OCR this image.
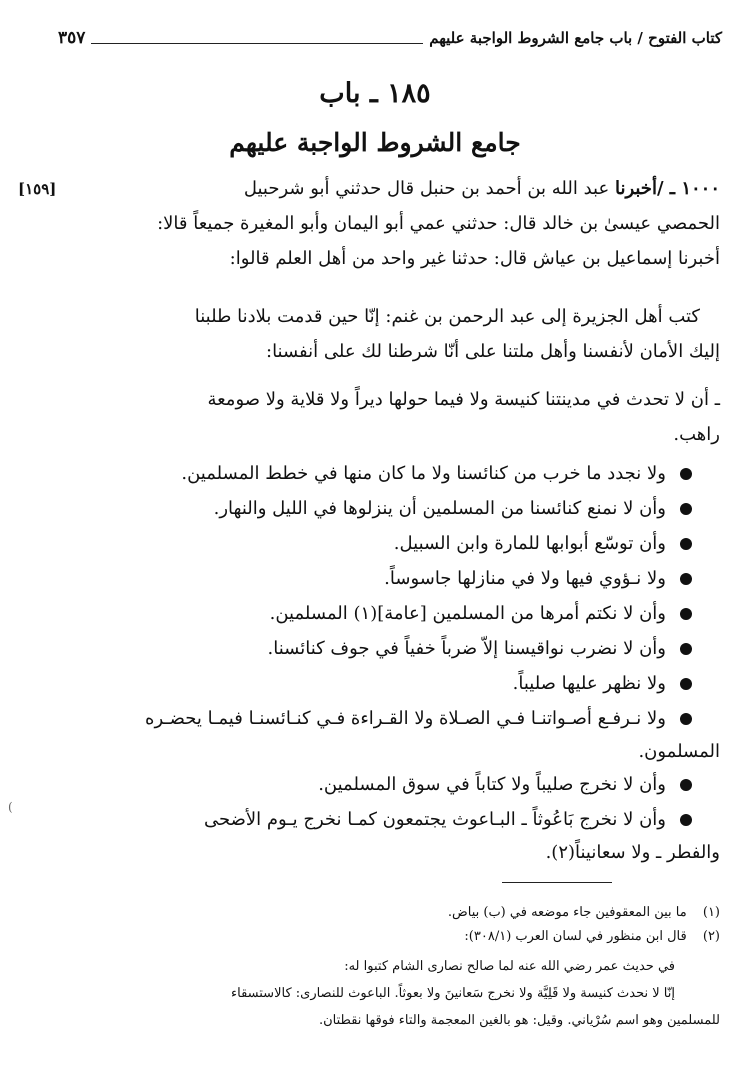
كتاب الفتوح / باب جامع الشروط الواجبة عليهم
٣٥٧
١٨٥ ـ باب
جامع الشروط الواجبة عليهم
[١٥٩]	١٠٠٠ ـ /أخبرنا عبد الله بن أحمد بن حنبل قال حدثني أبو شرحبيل
الحمصي عيسىٰ بن خالد قال: حدثني عمي أبو اليمان وأبو المغيرة جميعاً قالا:
أخبرنا إسماعيل بن عياش قال: حدثنا غير واحد من أهل العلم قالوا:
كتب أهل الجزيرة إلى عبد الرحمن بن غنم: إنّا حين قدمت بلادنا طلبنا
إليك الأمان لأنفسنا وأهل ملتنا على أنّا شرطنا لك على أنفسنا:
ـ أن لا تحدث في مدينتنا كنيسة ولا فيما حولها ديراً ولا قلاية ولا صومعة
راهب.
ولا نجدد ما خرب من كنائسنا ولا ما كان منها في خطط المسلمين.
وأن لا نمنع كنائسنا من المسلمين أن ينزلوها في الليل والنهار.
وأن توسّع أبوابها للمارة وابن السبيل.
ولا نـؤوي فيها ولا في منازلها جاسوساً.
وأن لا نكتم أمرها من المسلمين [عامة](١) المسلمين.
وأن لا نضرب نواقيسنا إلاّ ضرباً خفياً في جوف كنائسنا.
ولا نظهر عليها صليباً.
ولا نـرفـع أصـواتنـا فـي الصـلاة ولا القـراءة فـي كنـائسنـا فيمـا يحضـره
المسلمون.
وأن لا نخرج صليباً ولا كتاباً في سوق المسلمين.
وأن لا نخرج بَاعُوثاً ـ البـاعوث يجتمعون كمـا نخرج يـوم الأضحى
والفطر ـ ولا سعانيناً(٢).
(
(١) ما بين المعقوفين جاء موضعه في (ب) بياض.
(٢) قال ابن منظور في لسان العرب (٣٠٨/١):
في حديث عمر رضي الله عنه لما صالح نصارى الشام كتبوا له:
إنّا لا نحدث كنيسة ولا قَلِيَّة ولا نخرج سَعانينَ ولا بعوثاً. الباعوث للنصارى: كالاستسقاء
للمسلمين وهو اسم سُرْياني. وقيل: هو بالغين المعجمة والتاء فوقها نقطتان.
